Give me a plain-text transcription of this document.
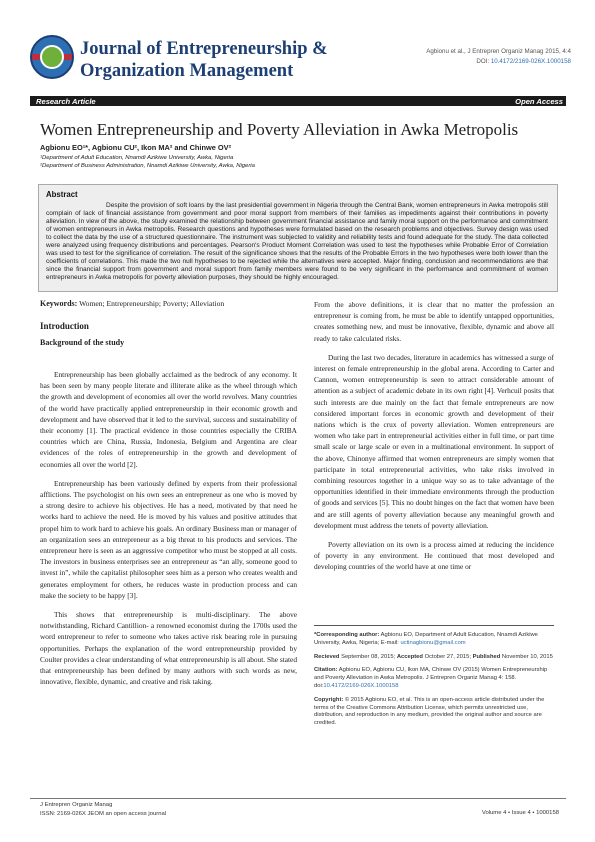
Journal of Entrepreneurship &
Organization Management
Agbionu et al., J Entrepren Organiz Manag 2015, 4:4
DOI: 10.4172/2169-026X.1000158
Research Article	Open Access
Women Entrepreneurship and Poverty Alleviation in Awka Metropolis
Agbionu EO¹*, Agbionu CU², Ikon MA² and Chinwe OV²
¹Department of Adult Education, Nnamdi Azikiwe University, Awka, Nigeria
²Department of Business Administration, Nnamdi Azikiwe University, Awka, Nigeria
Abstract
Despite the provision of soft loans by the last presidential government in Nigeria through the Central Bank, women entrepreneurs in Awka metropolis still complain of lack of financial assistance from government and poor moral support from members of their families as impediments against their contributions in poverty alleviation. In view of the above, the study examined the relationship between government financial assistance and family moral support on the performance and commitment of women entrepreneurs in Awka metropolis. Research questions and hypotheses were formulated based on the research problems and objectives. Survey design was used to collect the data by the use of a structured questionnaire. The instrument was subjected to validity and reliability tests and found adequate for the study. The data collected were analyzed using frequency distributions and percentages. Pearson's Product Moment Correlation was used to test the hypotheses while Probable Error of Correlation was used to test for the significance of correlation. The result of the significance shows that the results of the Probable Errors in the two hypotheses were both lower than the coefficients of correlations. This made the two null hypotheses to be rejected while the alternatives were accepted. Major finding, conclusion and recommendations are that since the financial support from government and moral support from family members were found to be very significant in the performance and commitment of women entrepreneurs in Awka metropolis for poverty alleviation purposes, they should be highly encouraged.
Keywords: Women; Entrepreneurship; Poverty; Alleviation
Introduction
Background of the study

Entrepreneurship has been globally acclaimed as the bedrock of any economy. It has been seen by many people literate and illiterate alike as the wheel through which the growth and development of economies all over the world revolves. Many countries of the world have practically applied entrepreneurship in their economic growth and development and have observed that it led to the survival, success and sustainability of their economy [1]. The practical evidence in those countries especially the CRIBA countries which are China, Russia, Indonesia, Belgium and Argentina are clear evidences of the roles of entrepreneurship in the growth and development of economies all over the world [2].

Entrepreneurship has been variously defined by experts from their professional afflictions. The psychologist on his own sees an entrepreneur as one who is moved by a strong desire to achieve his objectives. He has a need, motivated by that need he works hard to achieve the need. He is moved by his values and positive attitudes that propel him to work hard to achieve his goals. An ordinary Business man or manager of an organization sees an entrepreneur as a big threat to his products and services. The entrepreneur here is seen as an aggressive competitor who must be stopped at all costs. The investors in business enterprises see an entrepreneur as “an ally, someone good to invest in”, while the capitalist philosopher sees him as a person who creates wealth and generates employment for others, he reduces waste in production process and can make the society to be happy [3].

This shows that entrepreneurship is multi-disciplinary. The above notwithstanding, Richard Cantillion- a renowned economist during the 1700s used the word entrepreneur to refer to someone who takes active risk bearing role in pursuing opportunities. Perhaps the explanation of the word entrepreneurship provided by Coulter provides a clear understanding of what entrepreneurship is all about. She stated that entrepreneurship has been defined by many authors with such words as new, innovative, flexible, dynamic, and creative and risk taking.

From the above definitions, it is clear that no matter the profession an entrepreneur is coming from, he must be able to identify untapped opportunities, creates something new, and must be innovative, flexible, dynamic and above all ready to take calculated risks.

During the last two decades, literature in academics has witnessed a surge of interest on female entrepreneurship in the global arena. According to Carter and Cannon, women entrepreneurship is seen to attract considerable amount of attention as a subject of academic debate in its own right [4]. Verhcuil posits that such interests are due mainly on the fact that female entrepreneurs are now considered important forces in economic growth and development of their nations which is the crux of poverty alleviation. Women entrepreneurs are women who take part in entrepreneurial activities either in full time, or part time small scale or large scale or even in a multinational environment. In support of the above, Chinonye affirmed that women entrepreneurs are simply women that participate in total entrepreneurial activities, who take risks involved in combining resources together in a unique way so as to take advantage of the opportunities identified in their immediate environments through the production of goods and services [5]. This no doubt hinges on the fact that women have been and are still agents of poverty alleviation because any meaningful growth and development must address the tenets of poverty alleviation.

Poverty alleviation on its own is a process aimed at reducing the incidence of poverty in any environment. He continued that most developed and developing countries of the world have at one time or

*Corresponding author: Agbionu EO, Department of Adult Education, Nnamdi Azikiwe University, Awka, Nigeria; E-mail: uctinagbionu@gmail.com

Recieved September 08, 2015; Accepted October 27, 2015; Published November 10, 2015

Citation: Agbionu EO, Agbionu CU, Ikon MA, Chinwe OV (2015) Women Entrepreneurship and Poverty Alleviation in Awka Metropolis. J Entrepren Organiz Manag 4: 158. doi:10.4172/2169-026X.1000158

Copyright: © 2015 Agbionu EO, et al. This is an open-access article distributed under the terms of the Creative Commons Attribution License, which permits unrestricted use, distribution, and reproduction in any medium, provided the original author and source are credited.

J Entrepren Organiz Manag
ISSN: 2169-026X JEOM an open access journal	Volume 4 • Issue 4 • 1000158
